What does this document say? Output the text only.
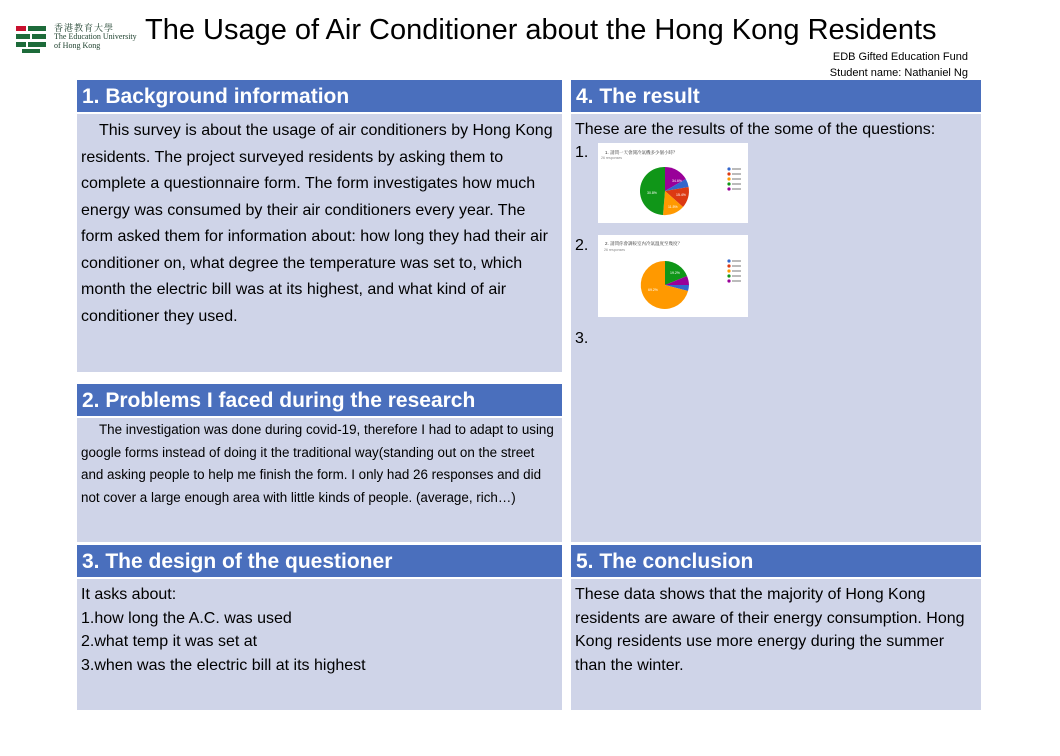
香港教育大學
The Education University
of Hong Kong	The Usage of Air Conditioner about the Hong Kong Residents
EDB Gifted Education Fund
Student name: Nathaniel Ng
1. Background information
This survey is about the usage of air conditioners by Hong Kong residents. The project surveyed residents by asking them to complete a questionnaire form. The form investigates how much energy was consumed by their air conditioners every year. The form asked them for information about: how long they had their air conditioner on, what degree the temperature was set to, which month the electric bill was at its highest, and what kind of air conditioner they used.
2. Problems I faced during the research
The investigation was done during covid-19, therefore I had to adapt to using google forms instead of doing it the traditional way(standing out on the street and asking people to help me finish the form. I only had 26 responses and did not cover a large enough area with little kinds of people. (average, rich…)
3. The design of the questioner
It asks about:
1.how long the A.C. was used
2.what temp it was set at
3.when was the electric bill at its highest
4. The result
These are the results of the some of the questions:
1.	1. 請問一天會開冷氣機多少個小時？
26 responses
34.6%
30.8%	15.4%
11.5%
2.	2. 請問你會調較室內冷氣溫度至幾度？
26 responses
69.2%
19.2%
3.
5. The conclusion
These data shows that the majority of Hong Kong residents are aware of their energy consumption. Hong Kong residents use more energy during the summer than the winter.
